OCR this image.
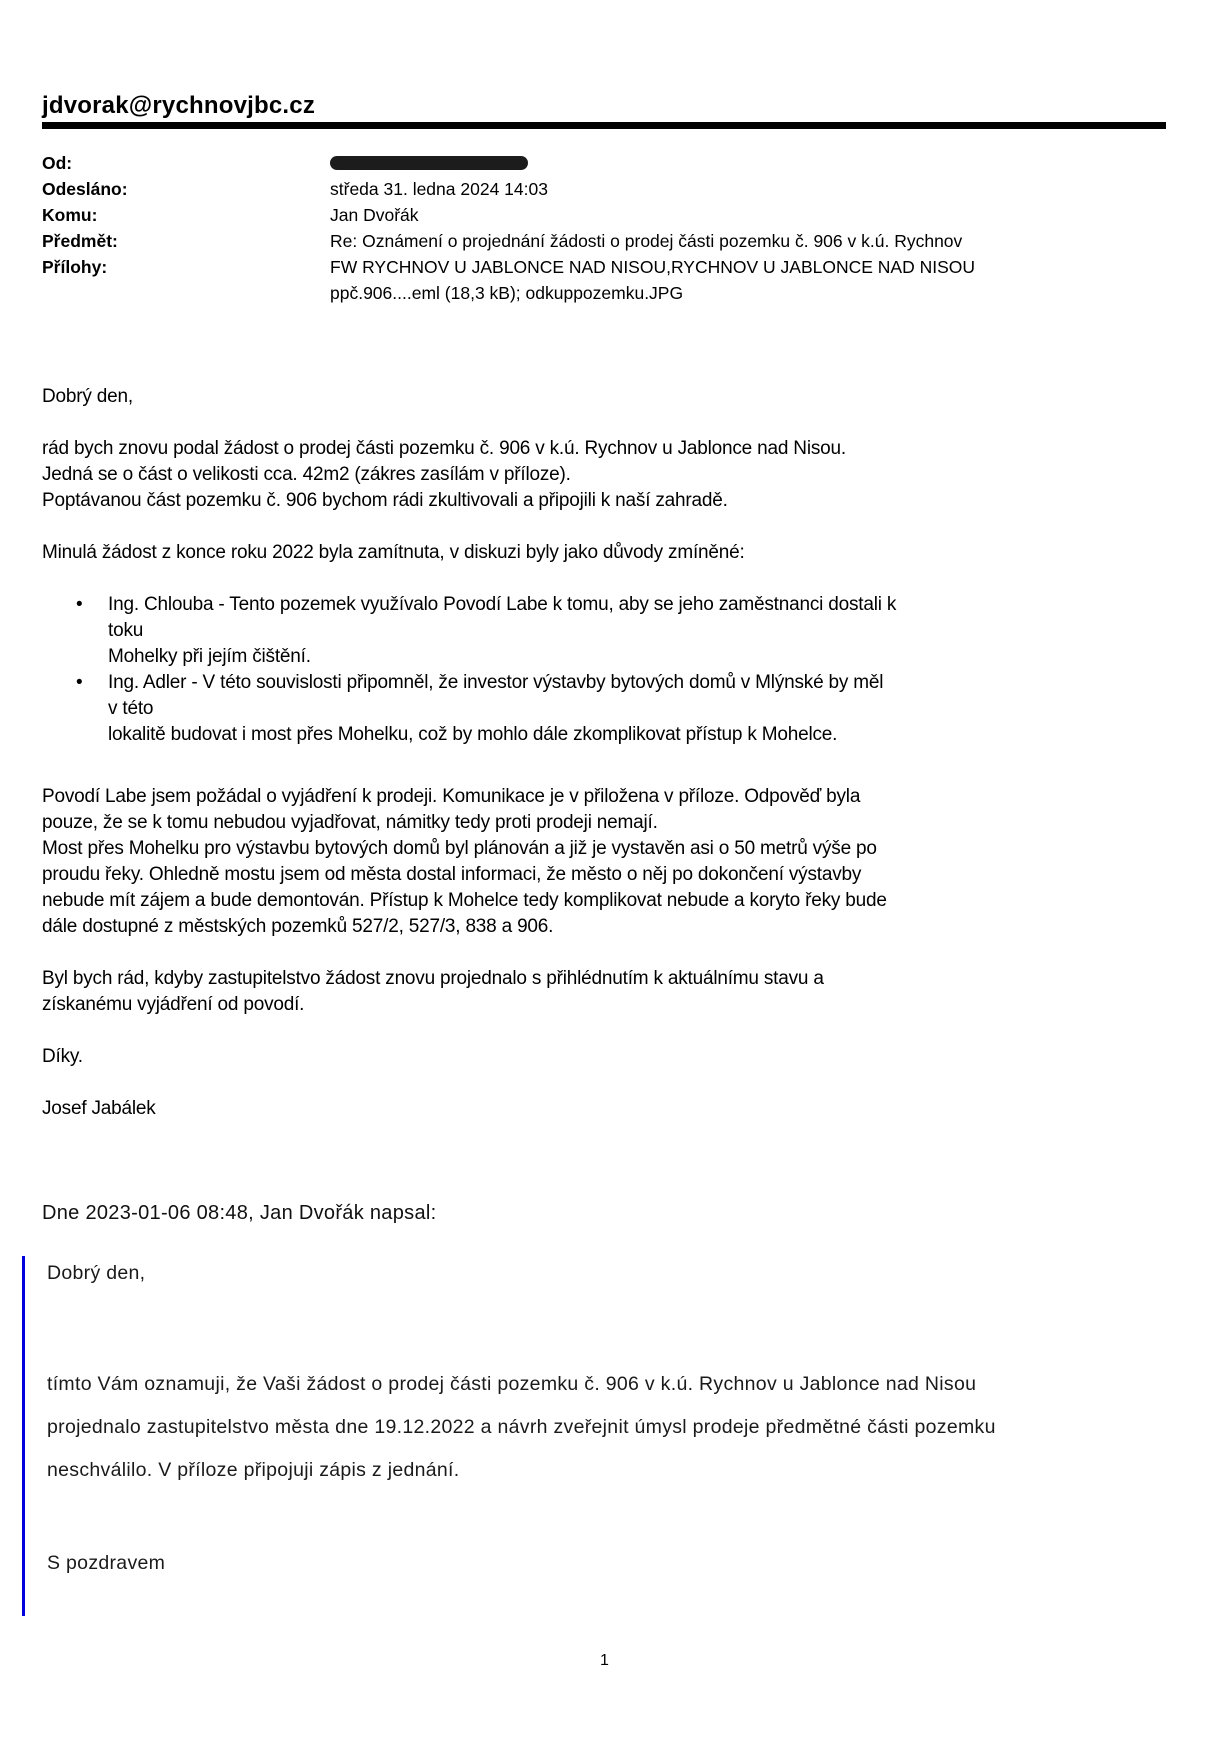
jdvorak@rychnovjbc.cz
Od:
Odesláno:	středa 31. ledna 2024 14:03
Komu:	Jan Dvořák
Předmět:	Re: Oznámení o projednání žádosti o prodej části pozemku č. 906 v k.ú. Rychnov
Přílohy:	FW RYCHNOV U JABLONCE NAD NISOU,RYCHNOV U JABLONCE NAD NISOU
ppč.906....eml (18,3 kB); odkuppozemku.JPG
Dobrý den,
rád bych znovu podal žádost o prodej části pozemku č. 906 v k.ú. Rychnov u Jablonce nad Nisou.
Jedná se o část o velikosti cca. 42m2 (zákres zasílám v příloze).
Poptávanou část pozemku č. 906 bychom rádi zkultivovali a připojili k naší zahradě.
Minulá žádost z konce roku 2022 byla zamítnuta, v diskuzi byly jako důvody zmíněné:
• Ing. Chlouba - Tento pozemek využívalo Povodí Labe k tomu, aby se jeho zaměstnanci dostali k
toku
Mohelky při jejím čištění.
• Ing. Adler - V této souvislosti připomněl, že investor výstavby bytových domů v Mlýnské by měl
v této
lokalitě budovat i most přes Mohelku, což by mohlo dále zkomplikovat přístup k Mohelce.
Povodí Labe jsem požádal o vyjádření k prodeji. Komunikace je v přiložena v příloze. Odpověď byla
pouze, že se k tomu nebudou vyjadřovat, námitky tedy proti prodeji nemají.
Most přes Mohelku pro výstavbu bytových domů byl plánován a již je vystavěn asi o 50 metrů výše po
proudu řeky. Ohledně mostu jsem od města dostal informaci, že město o něj po dokončení výstavby
nebude mít zájem a bude demontován. Přístup k Mohelce tedy komplikovat nebude a koryto řeky bude
dále dostupné z městských pozemků 527/2, 527/3, 838 a 906.
Byl bych rád, kdyby zastupitelstvo žádost znovu projednalo s přihlédnutím k aktuálnímu stavu a
získanému vyjádření od povodí.
Díky.
Josef Jabálek
Dne 2023-01-06 08:48, Jan Dvořák napsal:
Dobrý den,
tímto Vám oznamuji, že Vaši žádost o prodej části pozemku č. 906 v k.ú. Rychnov u Jablonce nad Nisou projednalo zastupitelstvo města dne 19.12.2022 a návrh zveřejnit úmysl prodeje předmětné části pozemku neschválilo. V příloze připojuji zápis z jednání.
S pozdravem
1
